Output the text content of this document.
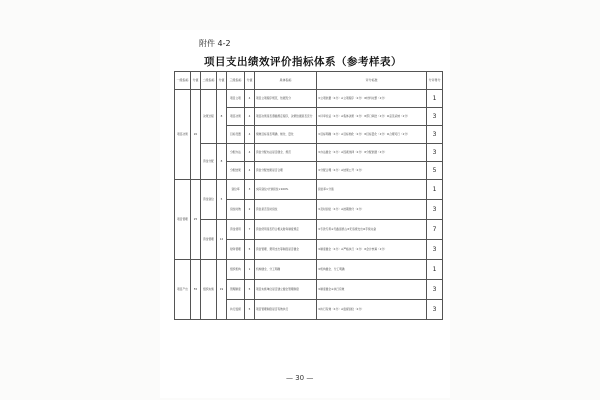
附件 4-2
项目支出绩效评价指标体系（参考样表）
一级指标	分值	二级指标	分值	三级指标	分值	具体指标	评分标准	分评得分
项目决策	20	决策过程	8	项目立项	4	项目立项程序规范，依据充分	①立项依据（1分）②立项程序（1分）③材料完整（1分）	1
				项目决策	4	项目决策是否遵循规定程序，决策依据是否充分	①评审论证（1分）②集体决策（1分）③部门审批（1分）④意见采纳（1分）	3
				目标设置	4	绩效目标是否明确、细化、量化	①目标明确（1分）②目标细化（1分）③目标量化（1分）④合理可行（1分）	3
		资金分配	8	分配办法	4	资金分配办法是否健全、规范	①办法健全（1分）②因素选择（1分）③分配依据（1分）	3
				分配结果	4	资金分配结果是否合理	①分配合理（1分）②结果公开（1分）	5
项目管理	25	资金到位	5	到位率	3	实际到位/计划到位×100%	到位率×分值	1
				到位时效	2	资金是否及时到位	①及时到位（1分）②按期拨付（1分）	3
		资金管理	12	资金使用	7	资金使用是否符合相关财务制度规定	①专款专用②无截留挤占③无违规支出④手续完备	7
				财务管理	5	资金管理、费用支出等制度是否健全	①制度健全（1分）②严格执行（1分）③会计核算（1分）	3
项目产出	55	组织实施	19	组织机构	1	机构健全、分工明确	①机构健全、分工明确	1
				管理制度	5	项目实施单位是否建立健全管理制度	①制度健全②执行有效	3
				执行监督	5	项目管理制度是否有效执行	①执行有效（1分）②监督到位（1分）	3
— 30 —
